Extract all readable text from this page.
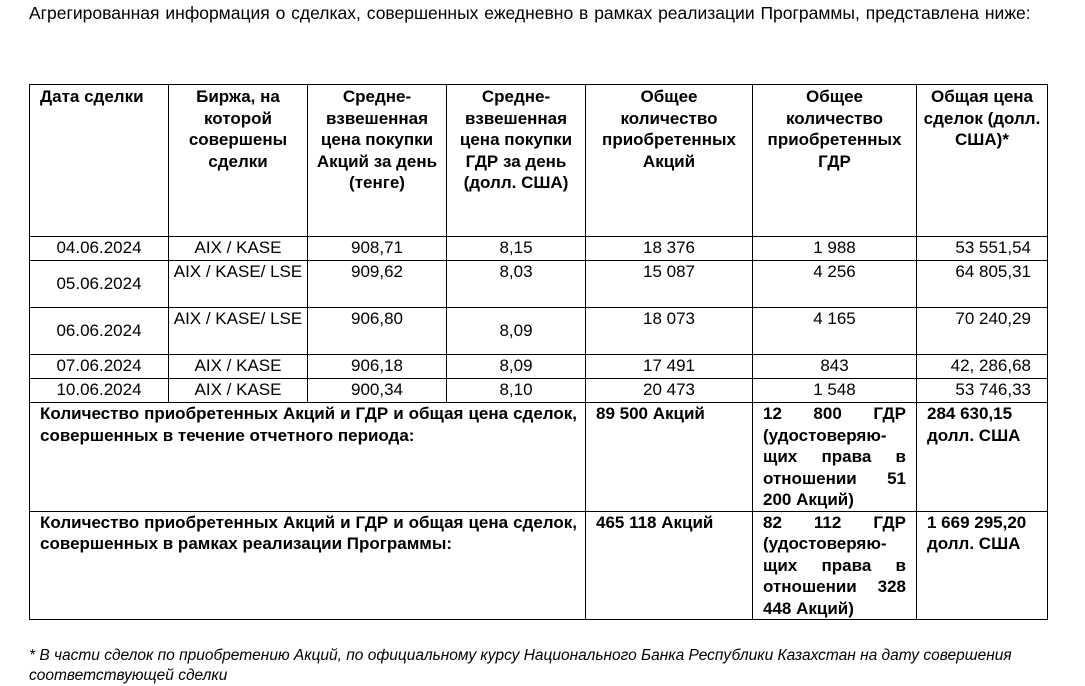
Агрегированная информация о сделках, совершенных ежедневно в рамках реализации Программы, представлена ниже:
Дата сделки	Биржа, на которой совершены сделки	Средне-взвешенная цена покупки Акций за день (тенге)	Средне-взвешенная цена покупки ГДР за день (долл. США)	Общее количество приобретенных Акций	Общее количество приобретенных ГДР	Общая цена сделок (долл. США)*
04.06.2024	AIX / KASE	908,71	8,15	18 376	1 988	53 551,54
05.06.2024	AIX / KASE/ LSE	909,62	8,03	15 087	4 256	64 805,31
06.06.2024	AIX / KASE/ LSE	906,80	8,09	18 073	4 165	70 240,29
07.06.2024	AIX / KASE	906,18	8,09	17 491	843	42, 286,68
10.06.2024	AIX / KASE	900,34	8,10	20 473	1 548	53 746,33
Количество приобретенных Акций и ГДР и общая цена сделок, совершенных в течение отчетного периода:				89 500 Акций	12 800 ГДР (удостоверяю-щих права в отношении 51 200 Акций)	284 630,15 долл. США
Количество приобретенных Акций и ГДР и общая цена сделок, совершенных в рамках реализации Программы:				465 118 Акций	82 112 ГДР (удостоверяю-щих права в отношении 328 448 Акций)	1 669 295,20 долл. США
* В части сделок по приобретению Акций, по официальному курсу Национального Банка Республики Казахстан на дату совершения соответствующей сделки
